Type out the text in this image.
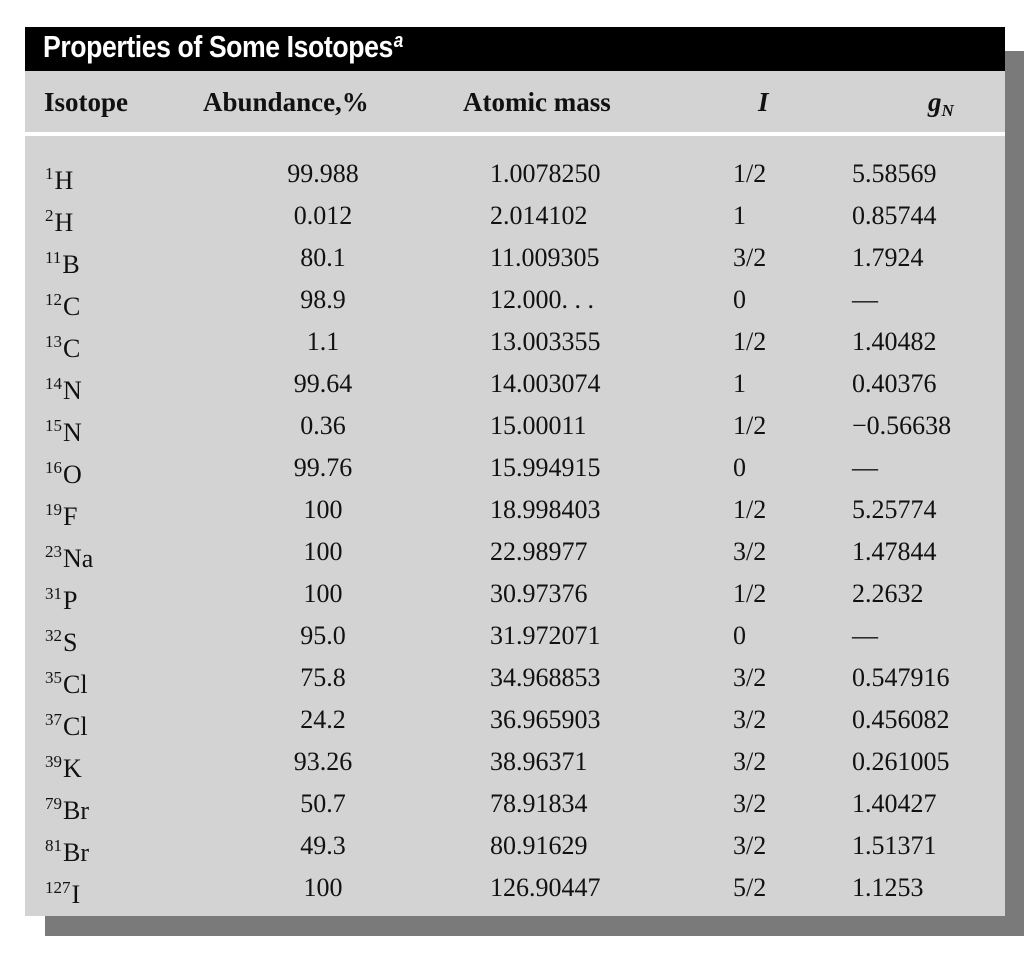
Properties of Some Isotopes$^a$
Isotope	Abundance,%	Atomic mass	I	$g_N$
$^1$H	99.988	1.0078250	1/2	5.58569
$^2$H	0.012	2.014102	1	0.85744
$^{11}$B	80.1	11.009305	3/2	1.7924
$^{12}$C	98.9	12.000. . .	0	—
$^{13}$C	1.1	13.003355	1/2	1.40482
$^{14}$N	99.64	14.003074	1	0.40376
$^{15}$N	0.36	15.00011	1/2	−0.56638
$^{16}$O	99.76	15.994915	0	—
$^{19}$F	100	18.998403	1/2	5.25774
$^{23}$Na	100	22.98977	3/2	1.47844
$^{31}$P	100	30.97376	1/2	2.2632
$^{32}$S	95.0	31.972071	0	—
$^{35}$Cl	75.8	34.968853	3/2	0.547916
$^{37}$Cl	24.2	36.965903	3/2	0.456082
$^{39}$K	93.26	38.96371	3/2	0.261005
$^{79}$Br	50.7	78.91834	3/2	1.40427
$^{81}$Br	49.3	80.91629	3/2	1.51371
$^{127}$I	100	126.90447	5/2	1.1253
